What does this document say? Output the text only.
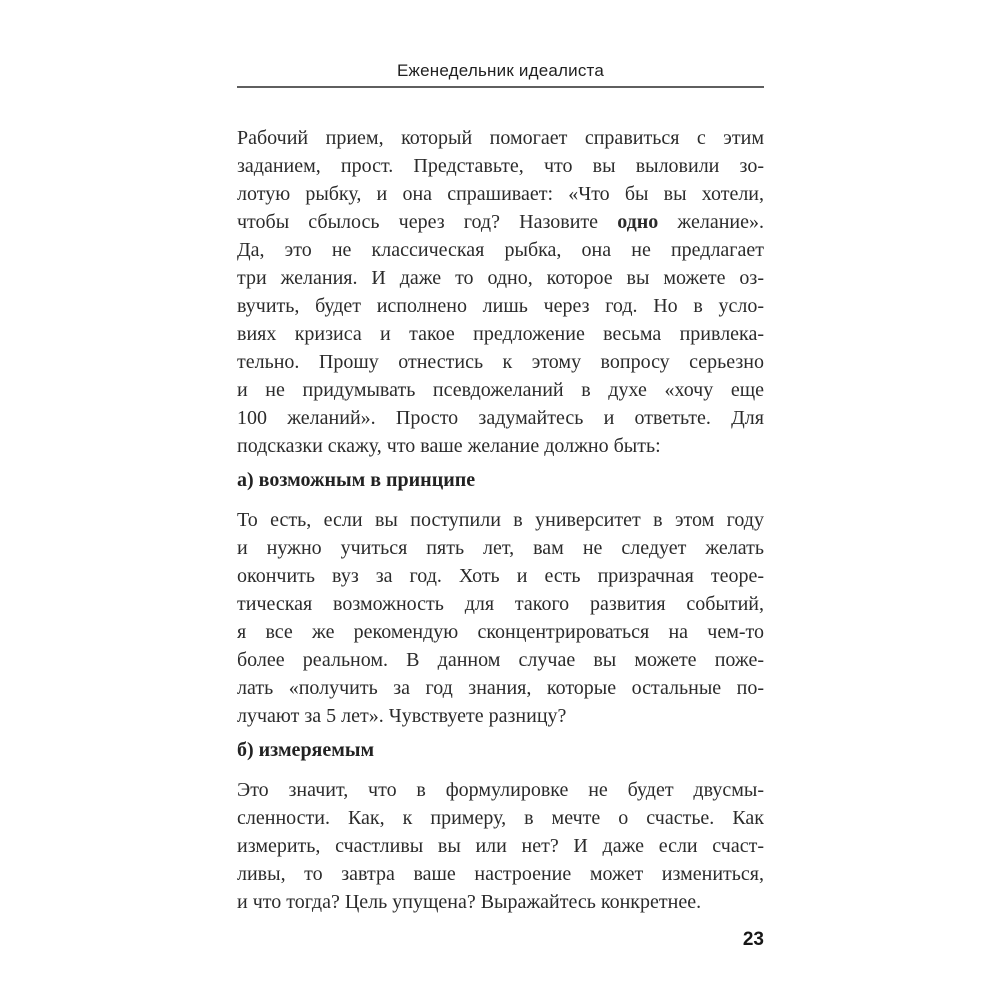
Еженедельник идеалиста
Рабочий прием, который помогает справиться с этим
заданием, прост. Представьте, что вы выловили зо-
лотую рыбку, и она спрашивает: «Что бы вы хотели,
чтобы сбылось через год? Назовите одно желание».
Да, это не классическая рыбка, она не предлагает
три желания. И даже то одно, которое вы можете оз-
вучить, будет исполнено лишь через год. Но в усло-
виях кризиса и такое предложение весьма привлека-
тельно. Прошу отнестись к этому вопросу серьезно
и не придумывать псевдожеланий в духе «хочу еще
100 желаний». Просто задумайтесь и ответьте. Для
подсказки скажу, что ваше желание должно быть:
а) возможным в принципе
То есть, если вы поступили в университет в этом году
и нужно учиться пять лет, вам не следует желать
окончить вуз за год. Хоть и есть призрачная теоре-
тическая возможность для такого развития событий,
я все же рекомендую сконцентрироваться на чем-то
более реальном. В данном случае вы можете поже-
лать «получить за год знания, которые остальные по-
лучают за 5 лет». Чувствуете разницу?
б) измеряемым
Это значит, что в формулировке не будет двусмы-
сленности. Как, к примеру, в мечте о счастье. Как
измерить, счастливы вы или нет? И даже если счаст-
ливы, то завтра ваше настроение может измениться,
и что тогда? Цель упущена? Выражайтесь конкретнее.
23
